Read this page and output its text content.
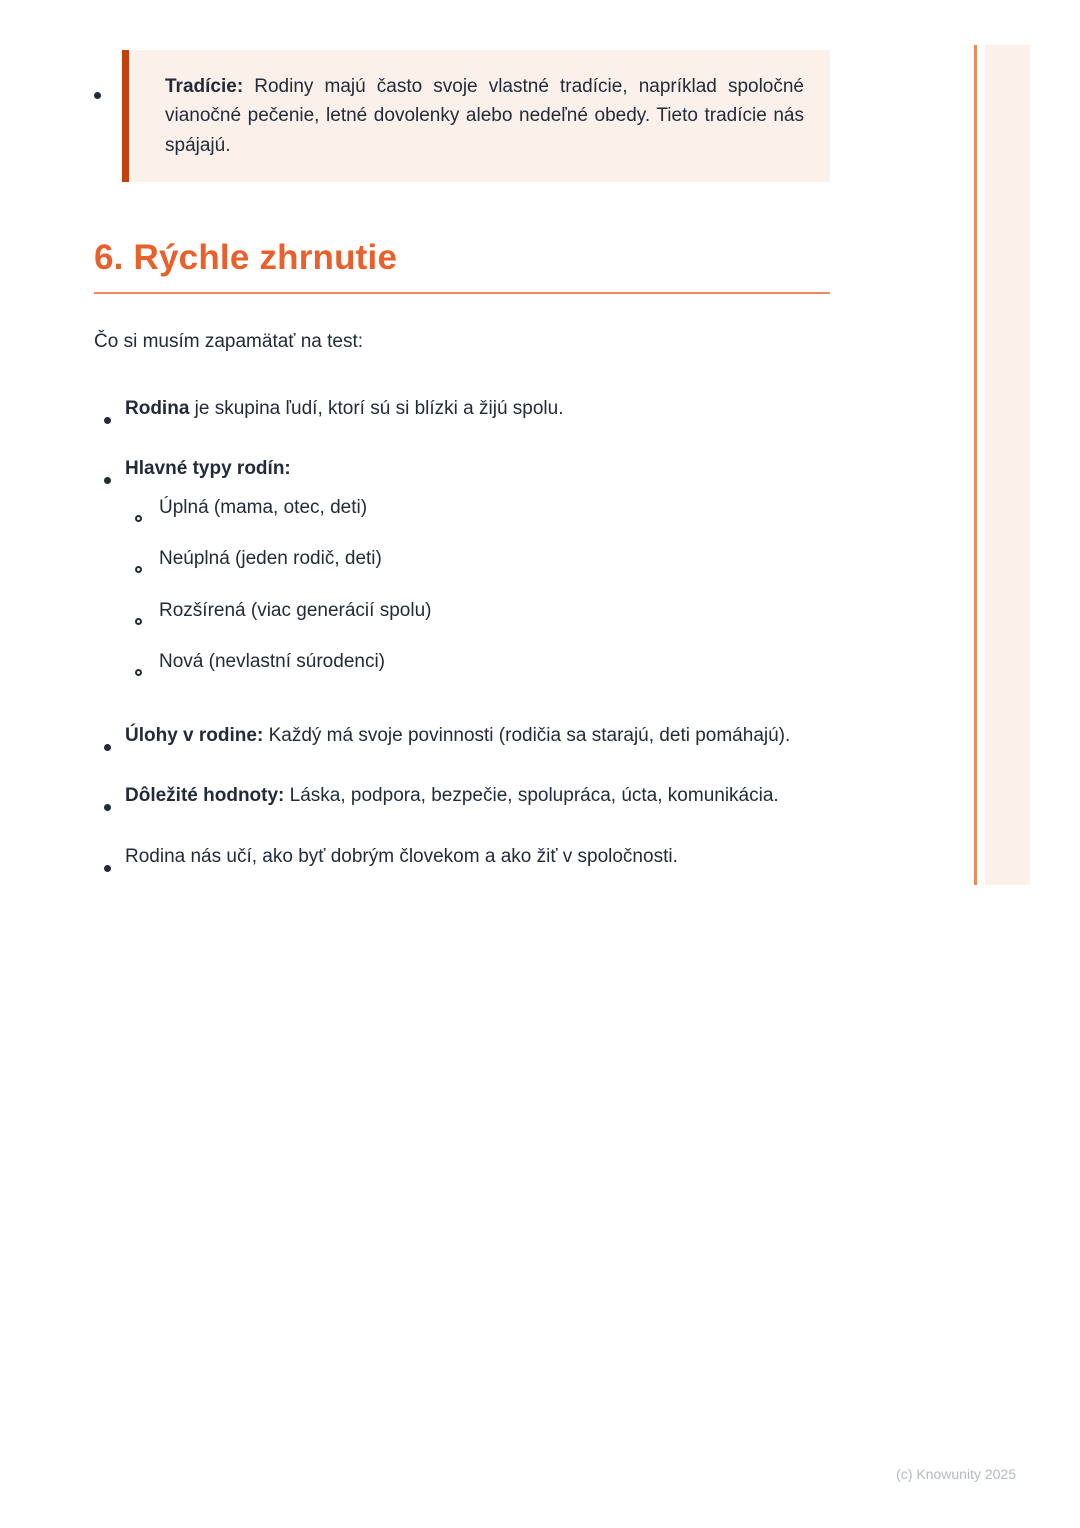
Tradície: Rodiny majú často svoje vlastné tradície, napríklad spoločné vianočné pečenie, letné dovolenky alebo nedeľné obedy. Tieto tradície nás spájajú.

6. Rýchle zhrnutie

Čo si musím zapamätať na test:

Rodina je skupina ľudí, ktorí sú si blízki a žijú spolu.
Hlavné typy rodín:
Úplná (mama, otec, deti)
Neúplná (jeden rodič, deti)
Rozšírená (viac generácií spolu)
Nová (nevlastní súrodenci)
Úlohy v rodine: Každý má svoje povinnosti (rodičia sa starajú, deti pomáhajú).
Dôležité hodnoty: Láska, podpora, bezpečie, spolupráca, úcta, komunikácia.
Rodina nás učí, ako byť dobrým človekom a ako žiť v spoločnosti.
(c) Knowunity 2025
